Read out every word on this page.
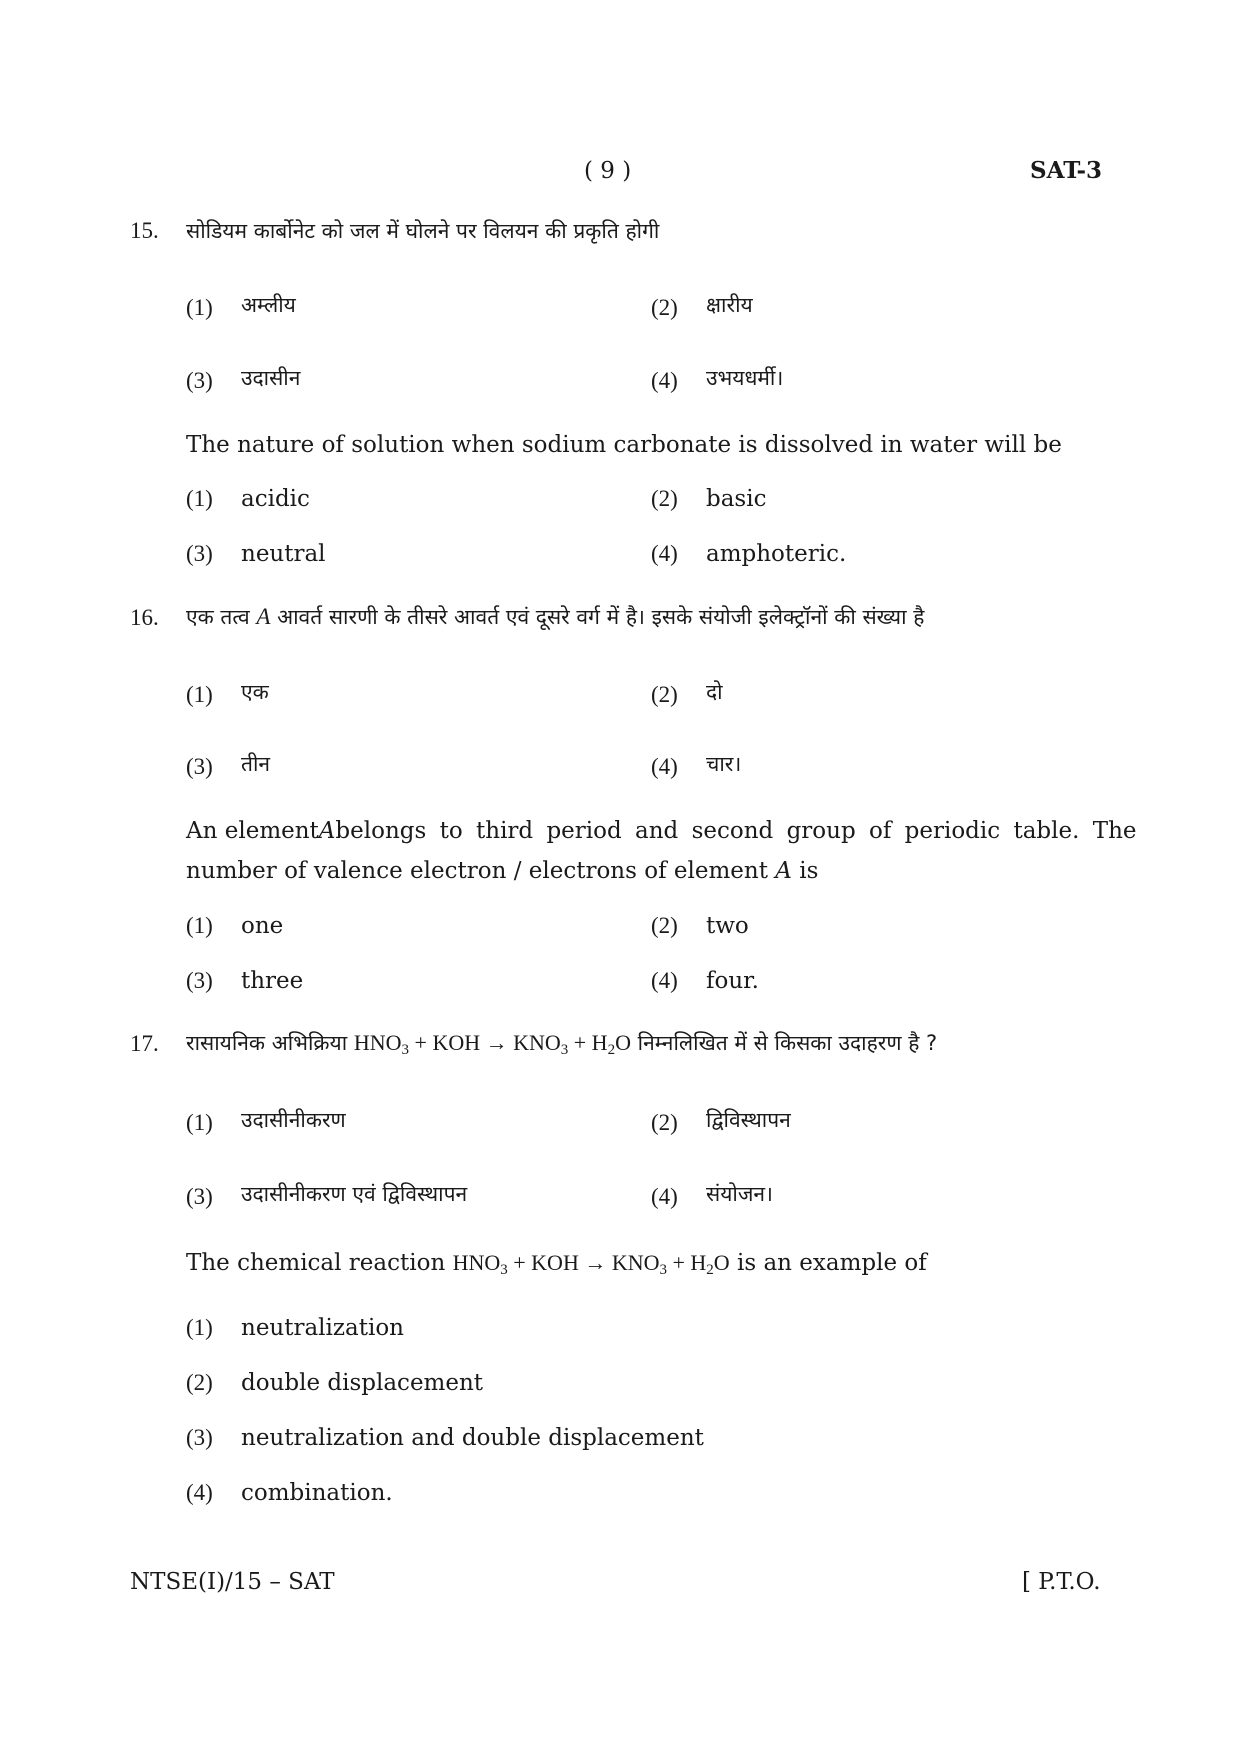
( 9 )	SAT-3
15. सोडियम कार्बोनेट को जल में घोलने पर विलयन की प्रकृति होगी
(1) अम्लीय	(2) क्षारीय
(3) उदासीन	(4) उभयधर्मी।
The nature of solution when sodium carbonate is dissolved in water will be
(1) acidic	(2) basic
(3) neutral	(4) amphoteric.
16. एक तत्व A आवर्त सारणी के तीसरे आवर्त एवं दूसरे वर्ग में है। इसके संयोजी इलेक्ट्रॉनों की संख्या है
(1) एक	(2) दो
(3) तीन	(4) चार।
An element A belongs to third period and second group of periodic table. The
number of valence electron / electrons of element A is
(1) one	(2) two
(3) three	(4) four.
17. रासायनिक अभिक्रिया $HNO_3$ + KOH → $KNO_3 + H_2O$ निम्नलिखित में से किसका उदाहरण है ?
(1) उदासीनीकरण	(2) द्विविस्थापन
(3) उदासीनीकरण एवं द्विविस्थापन	(4) संयोजन।
The chemical reaction $HNO_3$ + KOH → $KNO_3 + H_2O$ is an example of
(1) neutralization
(2) double displacement
(3) neutralization and double displacement
(4) combination.
NTSE(I)/15 – SAT	[ P.T.O.
